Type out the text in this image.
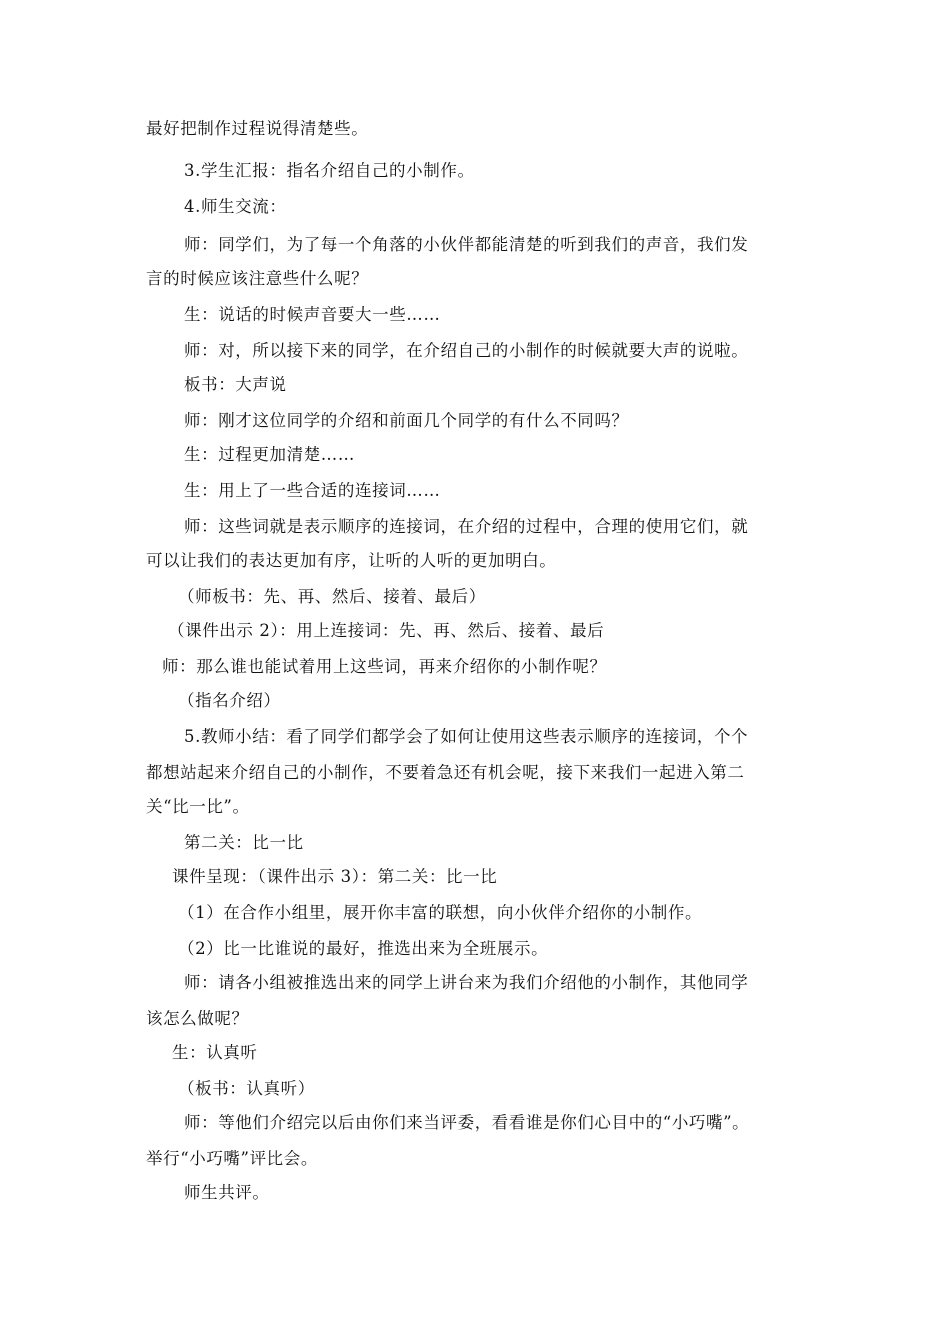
最好把制作过程说得清楚些。
3.学生汇报：指名介绍自己的小制作。
4.师生交流：
师：同学们，为了每一个角落的小伙伴都能清楚的听到我们的声音，我们发
言的时候应该注意些什么呢？
生：说话的时候声音要大一些……
师：对，所以接下来的同学，在介绍自己的小制作的时候就要大声的说啦。
板书：大声说
师：刚才这位同学的介绍和前面几个同学的有什么不同吗？
生：过程更加清楚……
生：用上了一些合适的连接词……
师：这些词就是表示顺序的连接词，在介绍的过程中，合理的使用它们，就
可以让我们的表达更加有序，让听的人听的更加明白。
（师板书：先、再、然后、接着、最后）
（课件出示 2）：用上连接词：先、再、然后、接着、最后
师：那么谁也能试着用上这些词，再来介绍你的小制作呢？
（指名介绍）
5.教师小结：看了同学们都学会了如何让使用这些表示顺序的连接词，个个
都想站起来介绍自己的小制作，不要着急还有机会呢，接下来我们一起进入第二
关“比一比”。
第二关：比一比
课件呈现：（课件出示 3）：第二关：比一比
（1）在合作小组里，展开你丰富的联想，向小伙伴介绍你的小制作。
（2）比一比谁说的最好，推选出来为全班展示。
师：请各小组被推选出来的同学上讲台来为我们介绍他的小制作，其他同学
该怎么做呢？
生：认真听
（板书：认真听）
师：等他们介绍完以后由你们来当评委，看看谁是你们心目中的“小巧嘴”。
举行“小巧嘴”评比会。
师生共评。
